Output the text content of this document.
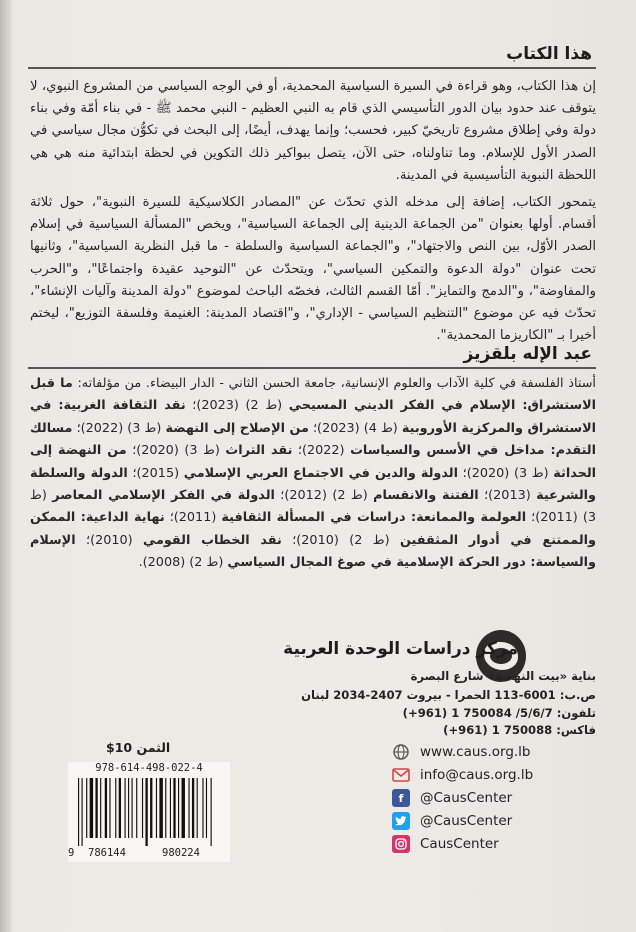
هذا الكتاب
إن هذا الكتاب، وهو قراءة في السيرة السياسية المحمدية، أو في الوجه السياسي من المشروع النبوي، لا يتوقف عند حدود بيان الدور التأسيسي الذي قام به النبي العظيم - النبي محمد ﷺ - في بناء أمّة وفي بناء دولة وفي إطلاق مشروع تاريخيّ كبير، فحسب؛ وإنما يهدف، أيضًا، إلى البحث في تكوُّن مجال سياسي في الصدر الأول للإسلام. وما تناولناه، حتى الآن، يتصل ببواكير ذلك التكوين في لحظة ابتدائية منه هي هي اللحظة النبوية التأسيسية في المدينة.
يتمحور الكتاب، إضافة إلى مدخله الذي تحدّث عن "المصادر الكلاسيكية للسيرة النبوية"، حول ثلاثة أقسام. أولها بعنوان "من الجماعة الدينية إلى الجماعة السياسية"، ويخص "المسألة السياسية في إسلام الصدر الأوّل، بين النص والاجتهاد"، و"الجماعة السياسية والسلطة - ما قبل النظرية السياسية"، وثانيها تحت عنوان "دولة الدعوة والتمكين السياسي"، ويتحدّث عن "التوحيد عقيدة واجتماعًا"، و"الحرب والمفاوضة"، و"الدمج والتمايز". أمّا القسم الثالث، فخصّه الباحث لموضوع "دولة المدينة وآليات الإنشاء"، تحدّث فيه عن موضوع "التنظيم السياسي - الإداري"، و"اقتصاد المدينة: الغنيمة وفلسفة التوزيع"، ليختم أخيرا بـ "الكاريزما المحمدية".
عبد الإله بلقزيز
أستاذ الفلسفة في كلية الآداب والعلوم الإنسانية، جامعة الحسن الثاني - الدار البيضاء. من مؤلفاته: ما قبل الاستشراق: الإسلام في الفكر الديني المسيحي (ط 2) (2023)؛ نقد الثقافة الغربية: في الاستشراق والمركزية الأوروبية (ط 4) (2023)؛ من الإصلاح إلى النهضة (ط 3) (2022)؛ مسالك التقدم: مداخل في الأسس والسياسات (2022)؛ نقد التراث (ط 3) (2020)؛ من النهضة إلى الحداثة (ط 3) (2020)؛ الدولة والدين في الاجتماع العربي الإسلامي (2015)؛ الدولة والسلطة والشرعية (2013)؛ الفتنة والانقسام (ط 2) (2012)؛ الدولة في الفكر الإسلامي المعاصر (ط 3) (2011)؛ العولمة والممانعة: دراسات في المسألة الثقافية (2011)؛ نهاية الداعية: الممكن والممتنع في أدوار المثقفين (ط 2) (2010)؛ نقد الخطاب القومي (2010)؛ الإسلام والسياسة: دور الحركة الإسلامية في صوغ المجال السياسي (ط 2) (2008).
مركز دراسات الوحدة العربية
بناية «بيت النهضة» شارع البصرة
ص.ب: 6001-113 الحمرا - بيروت 2407-2034 لبنان
تلفون: 5/6/7/ 750084 1 (961+)
فاكس: 750088 1 (961+)
الثمن 10$
978-614-498-022-4
9 786144	980224
www.caus.org.lb
info@caus.org.lb
f	@CausCenter
@CausCenter
CausCenter
